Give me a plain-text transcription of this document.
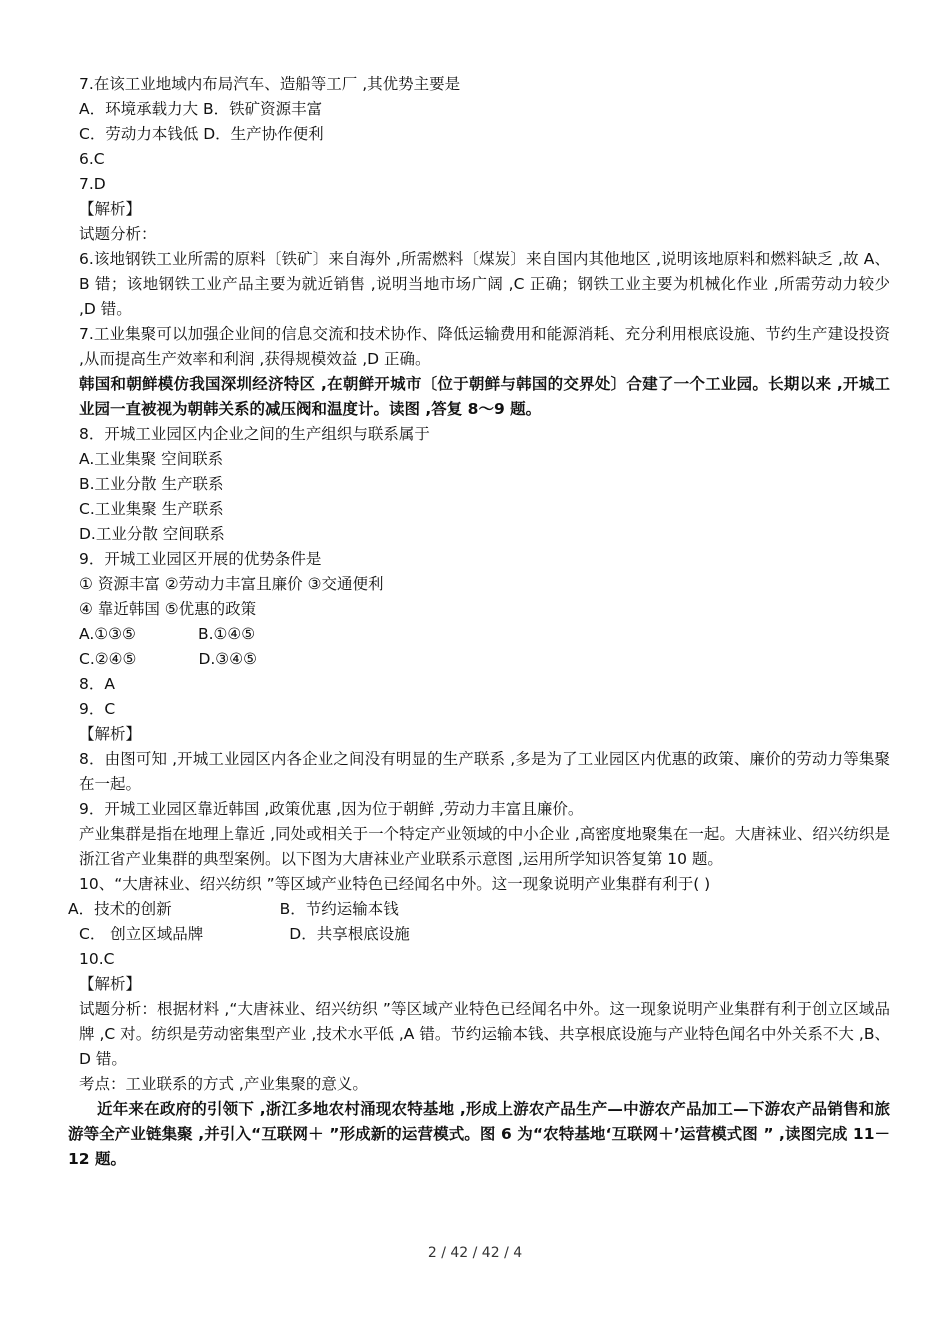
7.在该工业地域内布局汽车、造船等工厂 ,其优势主要是

A．环境承载力大 B．铁矿资源丰富

C．劳动力本钱低 D．生产协作便利

6.C

7.D

【解析】

试题分析：

6.该地钢铁工业所需的原料〔铁矿〕来自海外 ,所需燃料〔煤炭〕来自国内其他地区 ,说明该地原料和燃料缺乏 ,故 A、B 错；该地钢铁工业产品主要为就近销售 ,说明当地市场广阔 ,C 正确；钢铁工业主要为机械化作业 ,所需劳动力较少 ,D 错。

7.工业集聚可以加强企业间的信息交流和技术协作、降低运输费用和能源消耗、充分利用根底设施、节约生产建设投资 ,从而提高生产效率和利润 ,获得规模效益 ,D 正确。

韩国和朝鲜模仿我国深圳经济特区 ,在朝鲜开城市〔位于朝鲜与韩国的交界处〕合建了一个工业园。长期以来 ,开城工业园一直被视为朝韩关系的减压阀和温度计。读图 ,答复 8～9 题。

8．开城工业园区内企业之间的生产组织与联系属于

A.工业集聚 空间联系

B.工业分散 生产联系

C.工业集聚 生产联系

D.工业分散 空间联系

9．开城工业园区开展的优势条件是

① 资源丰富 ②劳动力丰富且廉价 ③交通便利

④ 靠近韩国 ⑤优惠的政策

A.①③⑤	B.①④⑤

C.②④⑤	D.③④⑤

8．A

9．C

【解析】

8．由图可知 ,开城工业园区内各企业之间没有明显的生产联系 ,多是为了工业园区内优惠的政策、廉价的劳动力等集聚在一起。

9．开城工业园区靠近韩国 ,政策优惠 ,因为位于朝鲜 ,劳动力丰富且廉价。

产业集群是指在地理上靠近 ,同处或相关于一个特定产业领域的中小企业 ,高密度地聚集在一起。大唐袜业、绍兴纺织是浙江省产业集群的典型案例。以下图为大唐袜业产业联系示意图 ,运用所学知识答复第 10 题。

10、“大唐袜业、绍兴纺织 ”等区域产业特色已经闻名中外。这一现象说明产业集群有利于( )

A．技术的创新	B．节约运输本钱

C． 创立区域品牌	D．共享根底设施

10.C

【解析】

试题分析：根据材料 ,“大唐袜业、绍兴纺织 ”等区域产业特色已经闻名中外。这一现象说明产业集群有利于创立区域品牌 ,C 对。纺织是劳动密集型产业 ,技术水平低 ,A 错。节约运输本钱、共享根底设施与产业特色闻名中外关系不大 ,B、D 错。

考点：工业联系的方式 ,产业集聚的意义。

近年来在政府的引领下 ,浙江多地农村涌现农特基地 ,形成上游农产品生产—中游农产品加工—下游农产品销售和旅游等全产业链集聚 ,并引入“互联网＋ ”形成新的运营模式。图 6 为“农特基地‘互联网＋’运营模式图 ” ,读图完成 11－12 题。

2 / 42 / 42 / 4
